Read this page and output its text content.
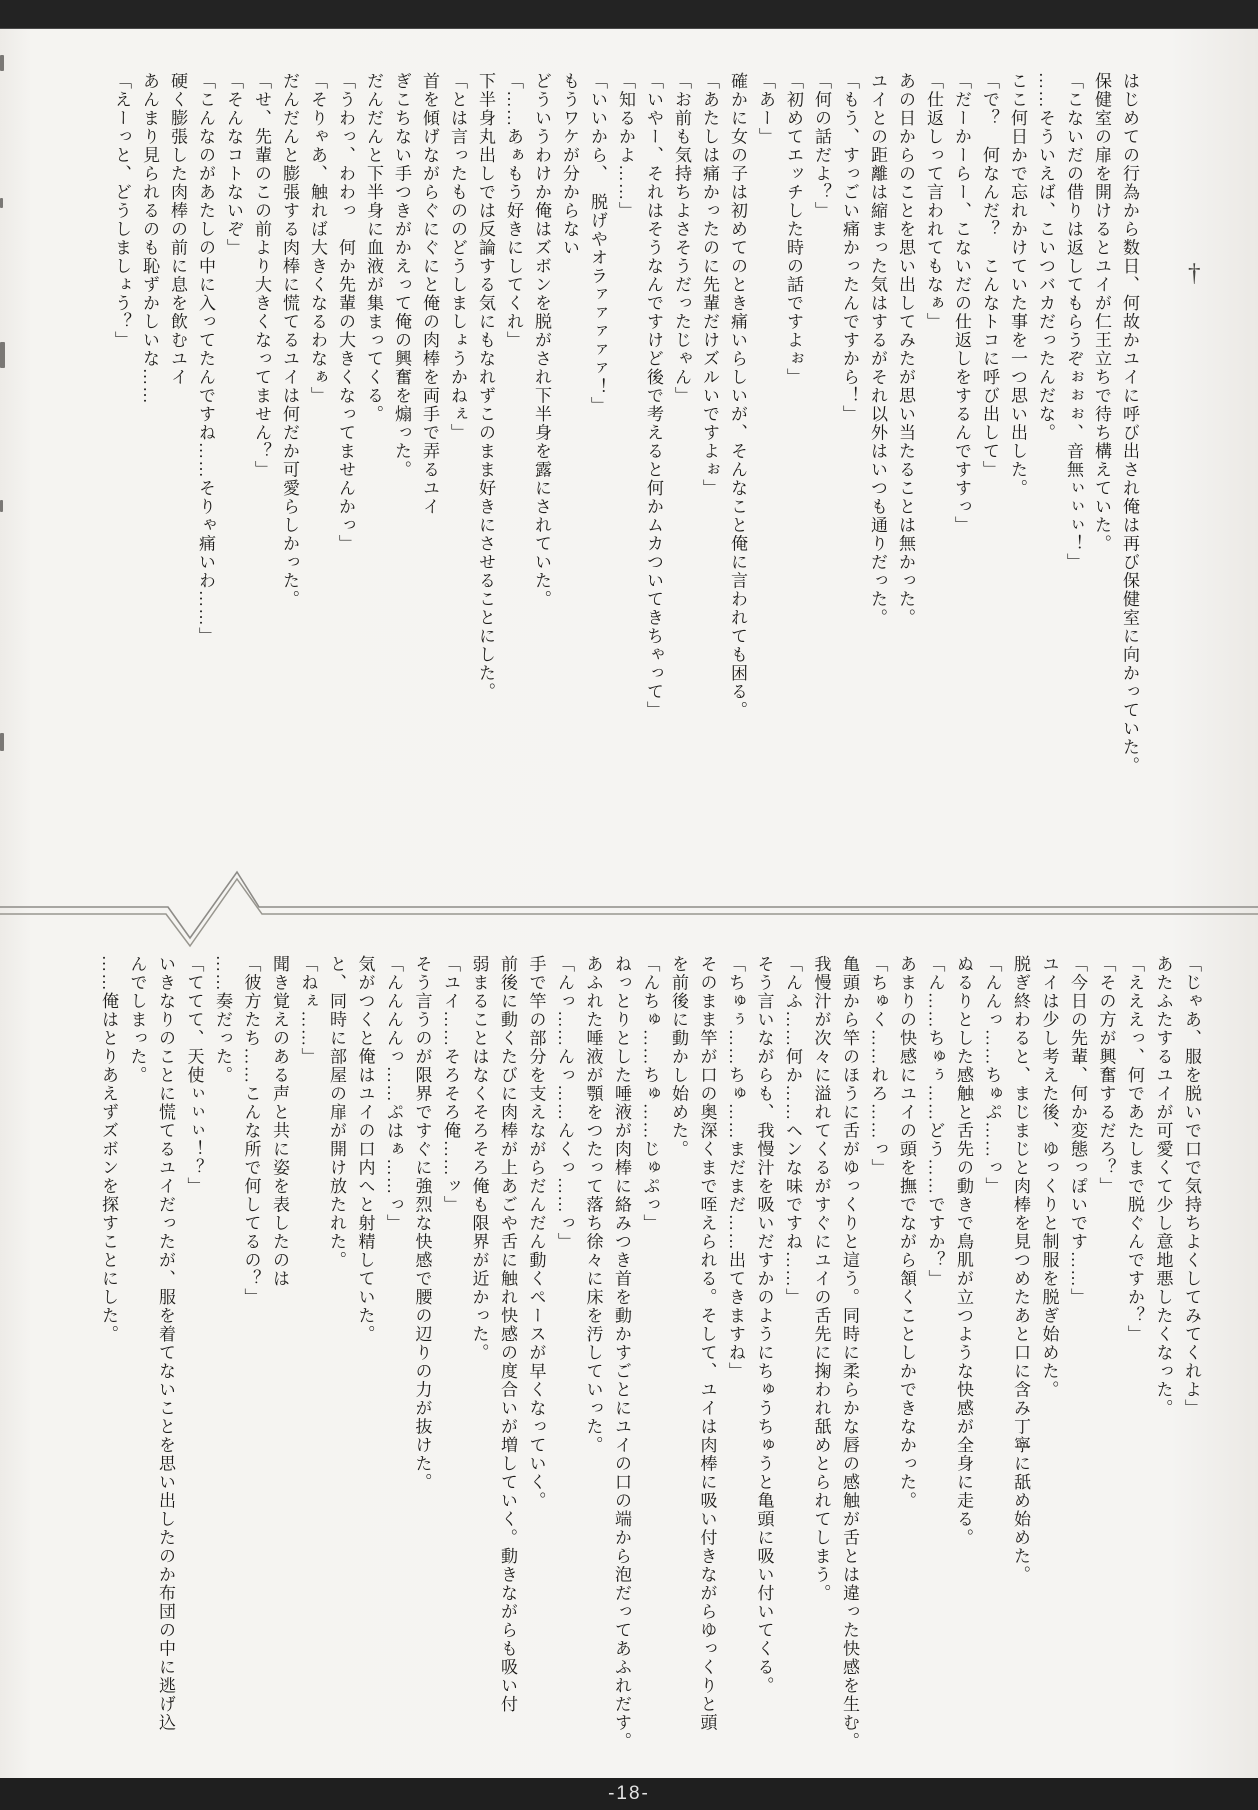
†

はじめての行為から数日、何故かユイに呼び出され俺は再び保健室に向かっていた。

保健室の扉を開けるとユイが仁王立ちで待ち構えていた。

「こないだの借りは返してもらうぞぉぉぉ、音無ぃぃぃ！」

……そういえば、こいつバカだったんだな。

ここ何日かで忘れかけていた事を一つ思い出した。

「で？　何なんだ？　こんなトコに呼び出して」

「だーかーらー、こないだの仕返しをするんですすっ」

「仕返しって言われてもなぁ」

あの日からのことを思い出してみたが思い当たることは無かった。

ユイとの距離は縮まった気はするがそれ以外はいつも通りだった。

「もう、すっごい痛かったんですから！」

「何の話だよ？」

「初めてエッチした時の話ですよぉ」

「あー」

確かに女の子は初めてのとき痛いらしいが、そんなこと俺に言われても困る。

「あたしは痛かったのに先輩だけズルいですよぉ」

「お前も気持ちよさそうだったじゃん」

「いやー、それはそうなんですけど後で考えると何かムカついてきちゃって」

「知るかよ……」

「いいから、　脱げやオラァァァァァ！」

もうワケが分からない

どういうわけか俺はズボンを脱がされ下半身を露にされていた。

「……あぁもう好きにしてくれ」

下半身丸出しでは反論する気にもなれずこのまま好きにさせることにした。

「とは言ったもののどうしましょうかねぇ」

首を傾げながらぐにぐにと俺の肉棒を両手で弄るユイ

ぎこちない手つきがかえって俺の興奮を煽った。

だんだんと下半身に血液が集まってくる。

「うわっ、わわっ　何か先輩の大きくなってませんかっ」

「そりゃあ、触れば大きくなるわなぁ」

だんだんと膨張する肉棒に慌てるユイは何だか可愛らしかった。

「せ、先輩のこの前より大きくなってません？」

「そんなコトないぞ」

「こんなのがあたしの中に入ってたんですね……そりゃ痛いわ……」

硬く膨張した肉棒の前に息を飲むユイ

あんまり見られるのも恥ずかしいな……

「えーっと、どうしましょう？」

「じゃあ、服を脱いで口で気持ちよくしてみてくれよ」

あたふたするユイが可愛くて少し意地悪したくなった。

「えええっ、何であたしまで脱ぐんですか？」

「その方が興奮するだろ？」

「今日の先輩、何か変態っぽいです……」

ユイは少し考えた後、ゆっくりと制服を脱ぎ始めた。

脱ぎ終わると、まじまじと肉棒を見つめたあと口に含み丁寧に舐め始めた。

「んんっ……ちゅぷ……っ」

ぬるりとした感触と舌先の動きで鳥肌が立つような快感が全身に走る。

「ん……ちゅぅ……どう……ですか？」

あまりの快感にユイの頭を撫でながら頷くことしかできなかった。

「ちゅく……れろ……っ」

亀頭から竿のほうに舌がゆっくりと這う。同時に柔らかな唇の感触が舌とは違った快感を生む。

我慢汁が次々に溢れてくるがすぐにユイの舌先に掬われ舐めとられてしまう。

「んふ……何か……ヘンな味ですね……」

そう言いながらも、我慢汁を吸いだすかのようにちゅうちゅうと亀頭に吸い付いてくる。

「ちゅぅ……ちゅ……まだまだ……出てきますね」

そのまま竿が口の奥深くまで咥えられる。そして、ユイは肉棒に吸い付きながらゆっくりと頭

を前後に動かし始めた。

「んちゅ……ちゅ……じゅぷっ」

ねっとりとした唾液が肉棒に絡みつき首を動かすごとにユイの口の端から泡だってあふれだす。

あふれた唾液が顎をつたって落ち徐々に床を汚していった。

「んっ……んっ……んくっ……っ」

手で竿の部分を支えながらだんだん動くペースが早くなっていく。

前後に動くたびに肉棒が上あごや舌に触れ快感の度合いが増していく。動きながらも吸い付

弱まることはなくそろそろ俺も限界が近かった。

「ユイ……そろそろ俺……ッ」

そう言うのが限界ですぐに強烈な快感で腰の辺りの力が抜けた。

「んんんんっ……ぷはぁ……っ」

気がつくと俺はユイの口内へと射精していた。

と、同時に部屋の扉が開け放たれた。

「ねぇ……」

聞き覚えのある声と共に姿を表したのは

「彼方たち……こんな所で何してるの？」

……奏だった。

「ててて、天使ぃぃぃ！？」

いきなりのことに慌てるユイだったが、服を着てないことを思い出したのか布団の中に逃げ込

んでしまった。

……俺はとりあえずズボンを探すことにした。

-18-
